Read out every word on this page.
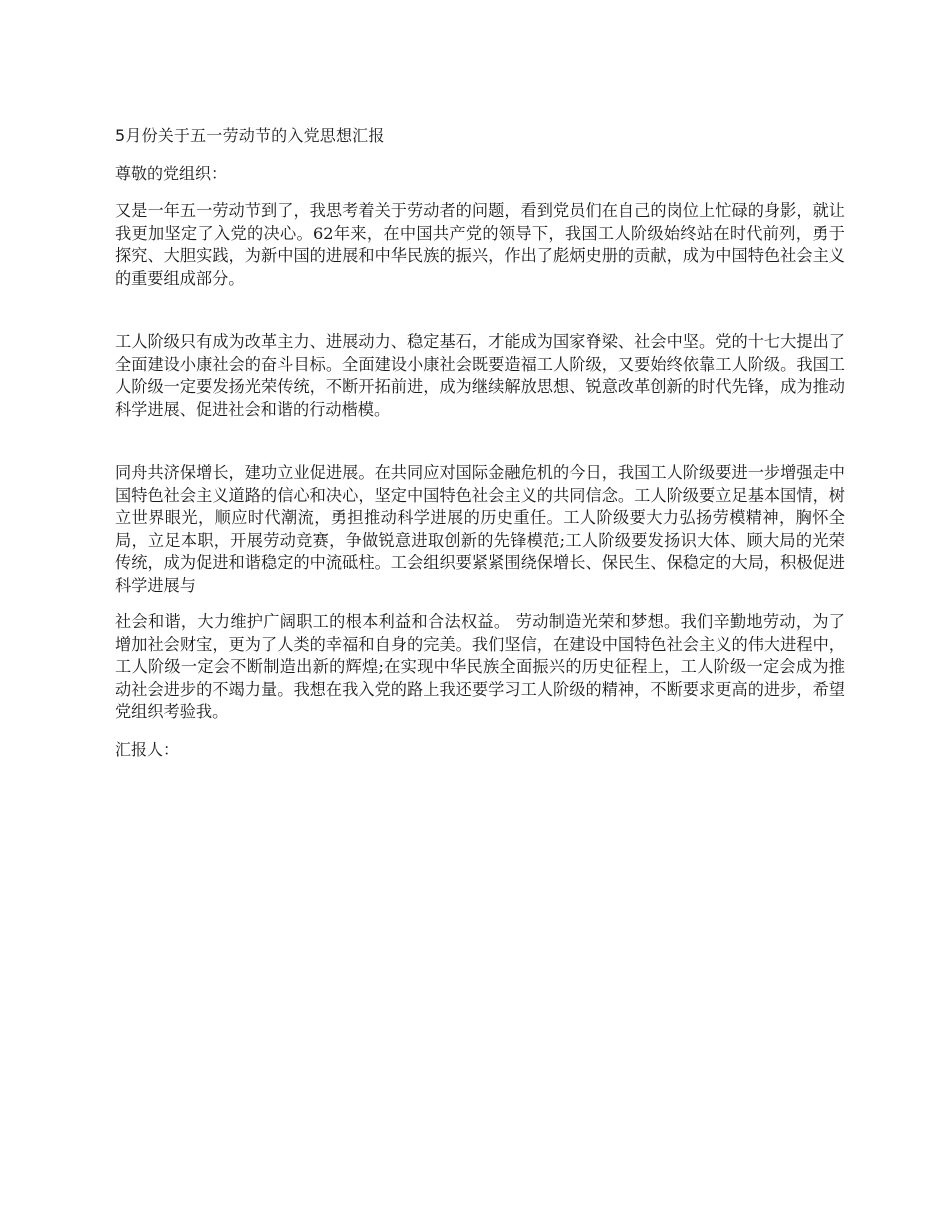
5月份关于五一劳动节的入党思想汇报

尊敬的党组织：

又是一年五一劳动节到了，我思考着关于劳动者的问题，看到党员们在自己的岗位上忙碌的身影，就让我更加坚定了入党的决心。62年来，在中国共产党的领导下，我国工人阶级始终站在时代前列，勇于探究、大胆实践，为新中国的进展和中华民族的振兴，作出了彪炳史册的贡献，成为中国特色社会主义的重要组成部分。

工人阶级只有成为改革主力、进展动力、稳定基石，才能成为国家脊梁、社会中坚。党的十七大提出了全面建设小康社会的奋斗目标。全面建设小康社会既要造福工人阶级，又要始终依靠工人阶级。我国工人阶级一定要发扬光荣传统，不断开拓前进，成为继续解放思想、锐意改革创新的时代先锋，成为推动科学进展、促进社会和谐的行动楷模。

同舟共济保增长，建功立业促进展。在共同应对国际金融危机的今日，我国工人阶级要进一步增强走中国特色社会主义道路的信心和决心，坚定中国特色社会主义的共同信念。工人阶级要立足基本国情，树立世界眼光，顺应时代潮流，勇担推动科学进展的历史重任。工人阶级要大力弘扬劳模精神，胸怀全局，立足本职，开展劳动竞赛，争做锐意进取创新的先锋模范;工人阶级要发扬识大体、顾大局的光荣传统，成为促进和谐稳定的中流砥柱。工会组织要紧紧围绕保增长、保民生、保稳定的大局，积极促进科学进展与

社会和谐，大力维护广阔职工的根本利益和合法权益。 劳动制造光荣和梦想。我们辛勤地劳动，为了增加社会财宝，更为了人类的幸福和自身的完美。我们坚信，在建设中国特色社会主义的伟大进程中，工人阶级一定会不断制造出新的辉煌;在实现中华民族全面振兴的历史征程上，工人阶级一定会成为推动社会进步的不竭力量。我想在我入党的路上我还要学习工人阶级的精神，不断要求更高的进步，希望党组织考验我。

汇报人：
